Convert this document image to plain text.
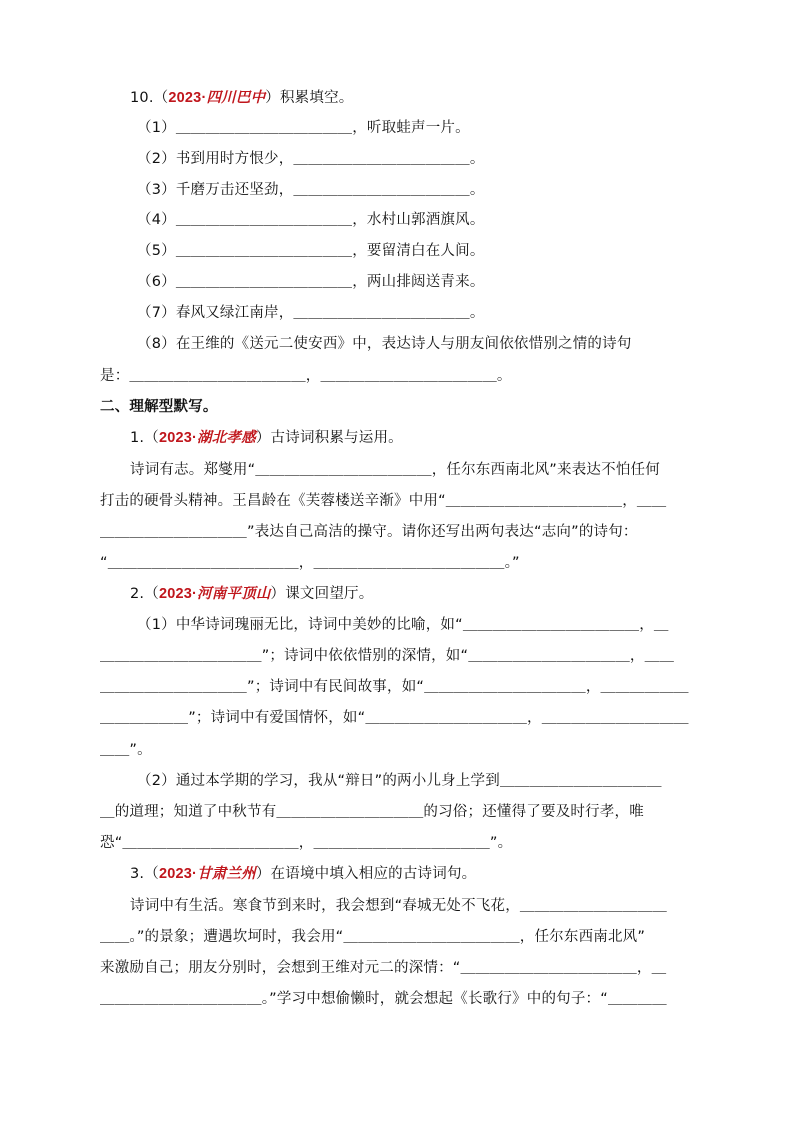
10.（2023·四川巴中）积累填空。
（1）＿＿＿＿＿＿＿＿＿＿＿＿，听取蛙声一片。
（2）书到用时方恨少，＿＿＿＿＿＿＿＿＿＿＿＿。
（3）千磨万击还坚劲，＿＿＿＿＿＿＿＿＿＿＿＿。
（4）＿＿＿＿＿＿＿＿＿＿＿＿，水村山郭酒旗风。
（5）＿＿＿＿＿＿＿＿＿＿＿＿，要留清白在人间。
（6）＿＿＿＿＿＿＿＿＿＿＿＿，两山排闼送青来。
（7）春风又绿江南岸，＿＿＿＿＿＿＿＿＿＿＿＿。
（8）在王维的《送元二使安西》中，表达诗人与朋友间依依惜别之情的诗句
是：＿＿＿＿＿＿＿＿＿＿＿＿，＿＿＿＿＿＿＿＿＿＿＿＿。
二、理解型默写。
1.（2023·湖北孝感）古诗词积累与运用。
诗词有志。郑燮用“＿＿＿＿＿＿＿＿＿＿＿＿，任尔东西南北风”来表达不怕任何
打击的硬骨头精神。王昌龄在《芙蓉楼送辛渐》中用“＿＿＿＿＿＿＿＿＿＿＿＿，＿＿
＿＿＿＿＿＿＿＿＿＿”表达自己高洁的操守。请你还写出两句表达“志向”的诗句：
“＿＿＿＿＿＿＿＿＿＿＿＿＿，＿＿＿＿＿＿＿＿＿＿＿＿＿。”
2.（2023·河南平顶山）课文回望厅。
（1）中华诗词瑰丽无比，诗词中美妙的比喻，如“＿＿＿＿＿＿＿＿＿＿＿＿，＿
＿＿＿＿＿＿＿＿＿＿＿”；诗词中依依惜别的深情，如“＿＿＿＿＿＿＿＿＿＿＿，＿＿
＿＿＿＿＿＿＿＿＿＿”；诗词中有民间故事，如“＿＿＿＿＿＿＿＿＿＿＿，＿＿＿＿＿＿
＿＿＿＿＿＿”；诗词中有爱国情怀，如“＿＿＿＿＿＿＿＿＿＿＿，＿＿＿＿＿＿＿＿＿＿
＿＿”。
（2）通过本学期的学习，我从“辩日”的两小儿身上学到＿＿＿＿＿＿＿＿＿＿＿
＿的道理；知道了中秋节有＿＿＿＿＿＿＿＿＿＿的习俗；还懂得了要及时行孝，唯
恐“＿＿＿＿＿＿＿＿＿＿＿＿，＿＿＿＿＿＿＿＿＿＿＿＿”。
3.（2023·甘肃兰州）在语境中填入相应的古诗词句。
诗词中有生活。寒食节到来时，我会想到“春城无处不飞花，＿＿＿＿＿＿＿＿＿＿
＿＿。”的景象；遭遇坎坷时，我会用“＿＿＿＿＿＿＿＿＿＿＿＿，任尔东西南北风”
来激励自己；朋友分别时，会想到王维对元二的深情：“＿＿＿＿＿＿＿＿＿＿＿＿，＿
＿＿＿＿＿＿＿＿＿＿＿。”学习中想偷懒时，就会想起《长歌行》中的句子：“＿＿＿＿
